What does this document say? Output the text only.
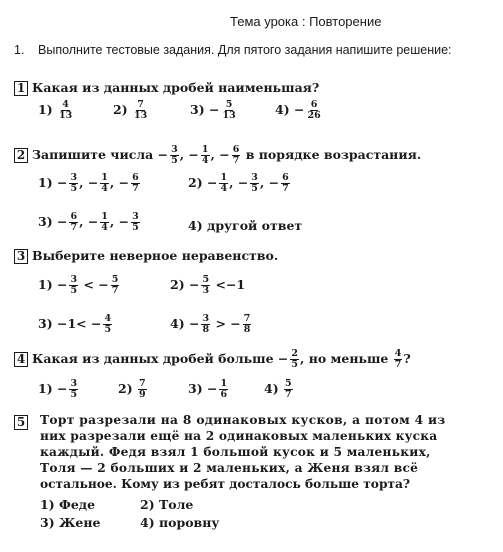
Тема урока : Повторение
1. Выполните тестовые задания. Для пятого задания напишите решение:
1 Какая из данных дробей наименьшая?
$1) \frac{4}{13}$	$2) \frac{7}{13}$	$3) - \frac{5}{13}$	$4) - \frac{6}{26}$
2 Запишите числа − $\frac{3}{5}$ , − $\frac{1}{4}$ , − $\frac{6}{7}$ в порядке возрастания.
$1) - \frac{3}{5}$ , − $\frac{1}{4}$ , − $\frac{6}{7}$	$2) - \frac{1}{4}$ , − $\frac{3}{5}$ , − $\frac{6}{7}$
$3) - \frac{6}{7}$ , − $\frac{1}{4}$ , − $\frac{3}{5}$	4) другой ответ
3 Выберите неверное неравенство.
$1) - \frac{3}{5}$ < − $\frac{5}{7}$	$2) - \frac{5}{3} <-1$
$3) -1< - \frac{4}{5}$	$4) - \frac{3}{8}$ > − $\frac{7}{8}$
4 Какая из данных дробей больше − $\frac{2}{5}$ , но меньше $\frac{4}{7}$ ?
$1) - \frac{3}{5}$	$2) \frac{7}{9}$	$3) - \frac{1}{6}$	$4) \frac{5}{7}$
5 Торт разрезали на 8 одинаковых кусков, а потом 4 из
них разрезали ещё на 2 одинаковых маленьких куска
каждый. Федя взял 1 большой кусок и 5 маленьких,
Толя — 2 больших и 2 маленьких, а Женя взял всё
остальное. Кому из ребят досталось больше торта?
1) Феде	2) Толе
3) Жене	4) поровну
